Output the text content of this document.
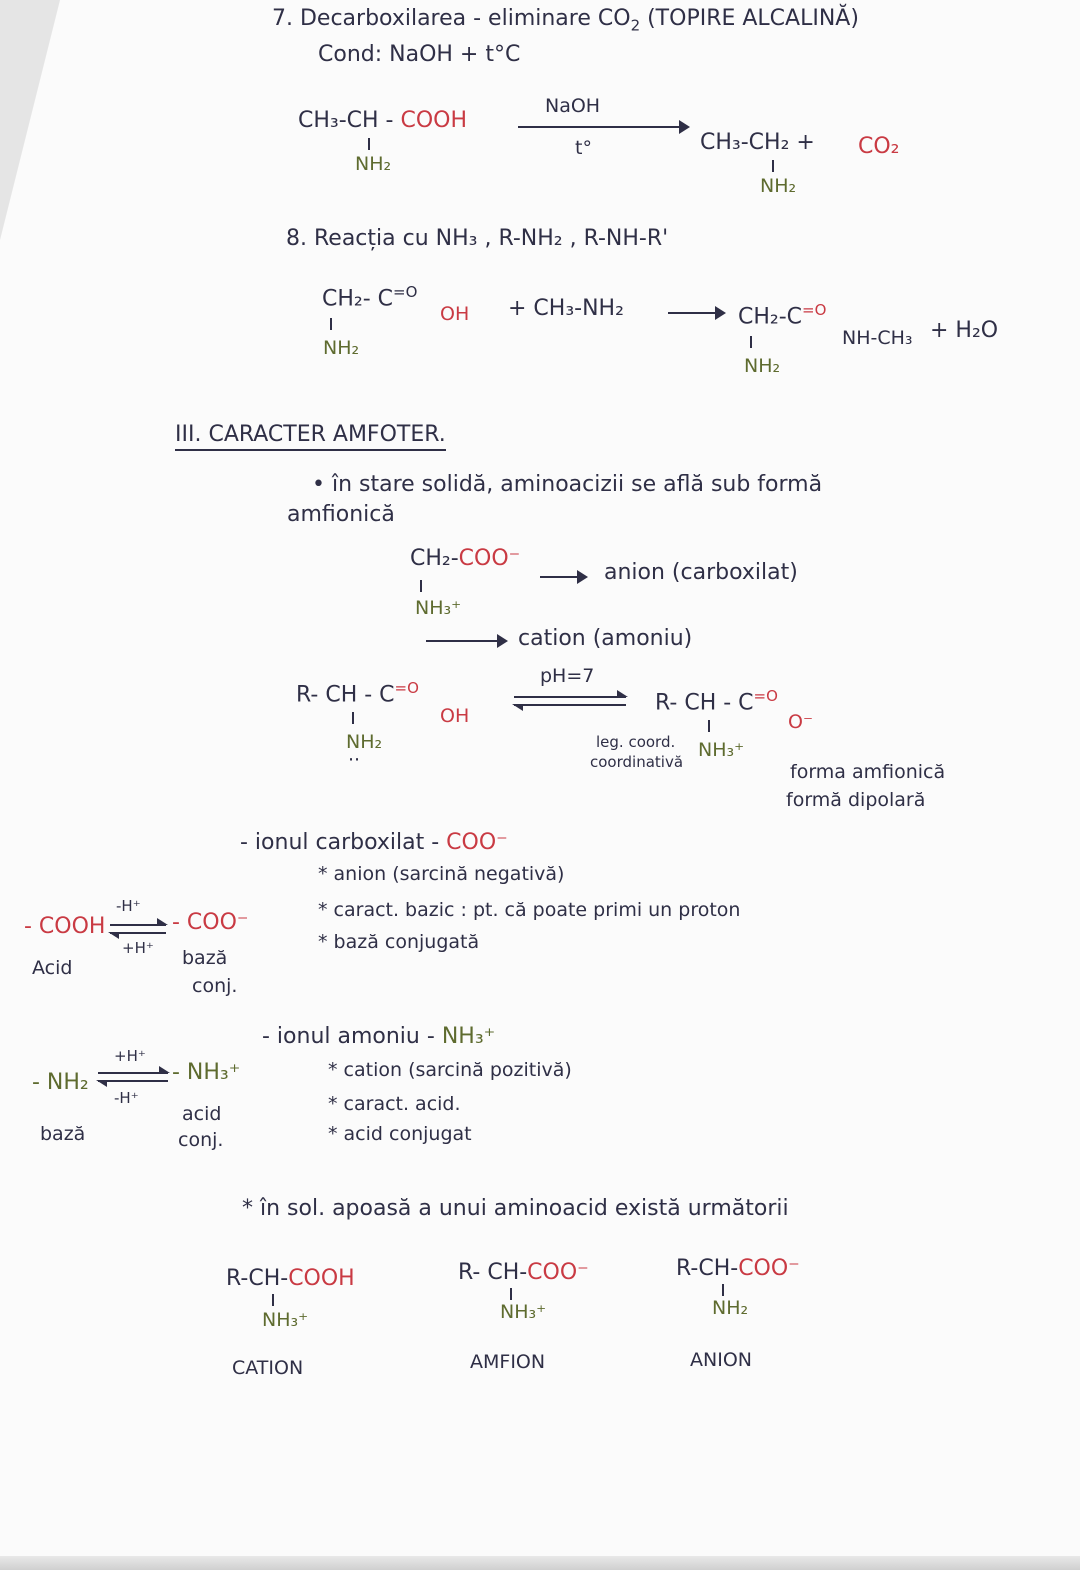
7. Decarboxilarea - eliminare $CO_2$ (TOPIRE ALCALINĂ)
Cond: NaOH + t°C
CH₃-CH - COOH
NH₂
NaOH
t°	CH₃-CH₂ +
NH₂
CO₂
8. Reacția cu NH₃ , R-NH₂ , R-NH-R'
CH₂- $C^{=O}$
OH
NH₂
+ CH₃-NH₂	→ CH₂-$C^{=O}$
NH-CH₃ + H₂O
NH₂
III. CARACTER AMFOTER.
• în stare solidă, aminoacizii se află sub formă
amfionică
CH₂-COO⁻
anion (carboxilat)
NH₃⁺
cation (amoniu)
R- CH - $C^{=O}$
OH
NH₂
··
pH=7
R- CH - $C^{=O}$
O⁻
NH₃⁺
leg. coord.
coordinativă	forma amfionică
formă dipolară
- ionul carboxilat - COO⁻
* anion (sarcină negativă)
* caract. bazic : pt. că poate primi un proton
* bază conjugată
- ionul amoniu - NH₃⁺
* cation (sarcină pozitivă)
* caract. acid.
* acid conjugat
- COOH
-H⁺
+H⁺
- COO⁻
Acid	bază
conj.
- NH₂
+H⁺
-H⁺
- NH₃⁺
bază
acid
conj.
* în sol. apoasă a unui aminoacid există următorii
R-CH-COOH
NH₃⁺
CATION
R- CH-COO⁻
NH₃⁺
AMFION
R-CH-COO⁻
NH₂
ANION
